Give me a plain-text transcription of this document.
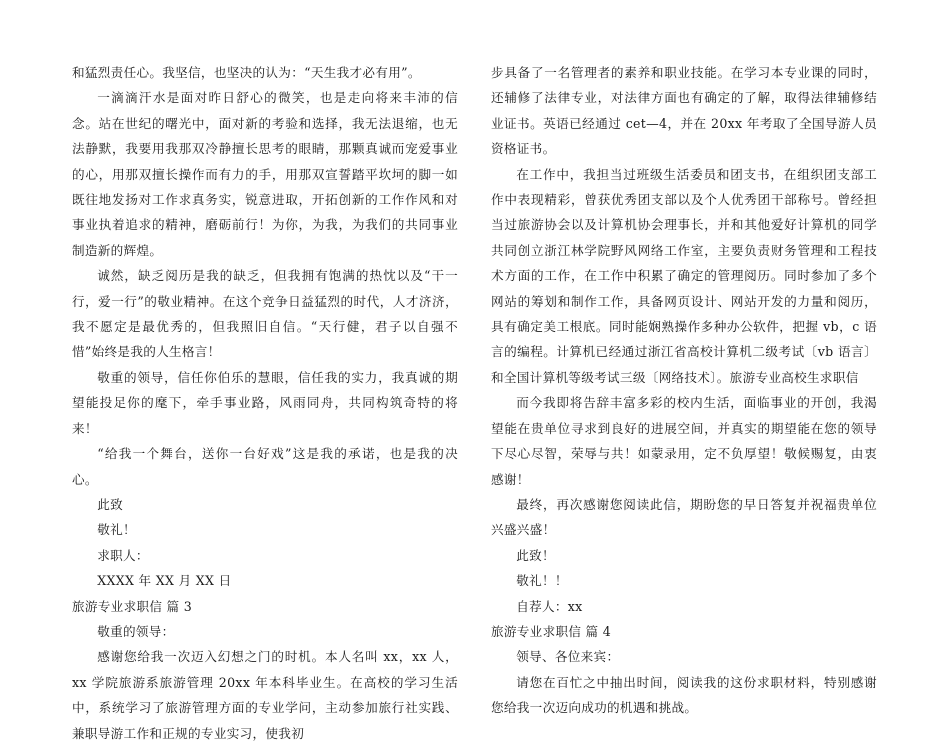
和猛烈责任心。我坚信，也坚决的认为：“天生我才必有用”。

一滴滴汗水是面对昨日舒心的微笑，也是走向将来丰沛的信念。站在世纪的曙光中，面对新的考验和选择，我无法退缩，也无法静默，我要用我那双冷静擅长思考的眼睛，那颗真诚而宠爱事业的心，用那双擅长操作而有力的手，用那双宣誓踏平坎坷的脚一如既往地发扬对工作求真务实，锐意进取，开拓创新的工作作风和对事业执着追求的精神，磨砺前行！为你，为我，为我们的共同事业制造新的辉煌。

诚然，缺乏阅历是我的缺乏，但我拥有饱满的热忱以及“干一行，爱一行”的敬业精神。在这个竞争日益猛烈的时代，人才济济，我不愿定是最优秀的，但我照旧自信。“天行健，君子以自强不惜”始终是我的人生格言！

敬重的领导，信任你伯乐的慧眼，信任我的实力，我真诚的期望能投足你的麾下，牵手事业路，风雨同舟，共同构筑奇特的将来！

“给我一个舞台，送你一台好戏”这是我的承诺，也是我的决心。

此致

敬礼！

求职人：

XXXX 年 XX 月 XX 日

旅游专业求职信 篇 3

敬重的领导：

感谢您给我一次迈入幻想之门的时机。本人名叫 xx，xx 人，xx 学院旅游系旅游管理 20xx 年本科毕业生。在高校的学习生活中，系统学习了旅游管理方面的专业学问，主动参加旅行社实践、兼职导游工作和正规的专业实习，使我初

步具备了一名管理者的素养和职业技能。在学习本专业课的同时，还辅修了法律专业，对法律方面也有确定的了解，取得法律辅修结业证书。英语已经通过 cet—4，并在 20xx 年考取了全国导游人员资格证书。

在工作中，我担当过班级生活委员和团支书，在组织团支部工作中表现精彩，曾获优秀团支部以及个人优秀团干部称号。曾经担当过旅游协会以及计算机协会理事长，并和其他爱好计算机的同学共同创立浙江林学院野风网络工作室，主要负责财务管理和工程技术方面的工作，在工作中积累了确定的管理阅历。同时参加了多个网站的筹划和制作工作，具备网页设计、网站开发的力量和阅历，具有确定美工根底。同时能娴熟操作多种办公软件，把握 vb，c 语言的编程。计算机已经通过浙江省高校计算机二级考试〔vb 语言〕和全国计算机等级考试三级〔网络技术〕。旅游专业高校生求职信

而今我即将告辞丰富多彩的校内生活，面临事业的开创，我渴望能在贵单位寻求到良好的进展空间，并真实的期望能在您的领导下尽心尽智，荣辱与共！如蒙录用，定不负厚望！敬候赐复，由衷感谢！

最终，再次感谢您阅读此信，期盼您的早日答复并祝福贵单位兴盛兴盛！

此致！

敬礼！！

自荐人：xx

旅游专业求职信 篇 4

领导、各位来宾：

请您在百忙之中抽出时间，阅读我的这份求职材料，特别感谢您给我一次迈向成功的机遇和挑战。
